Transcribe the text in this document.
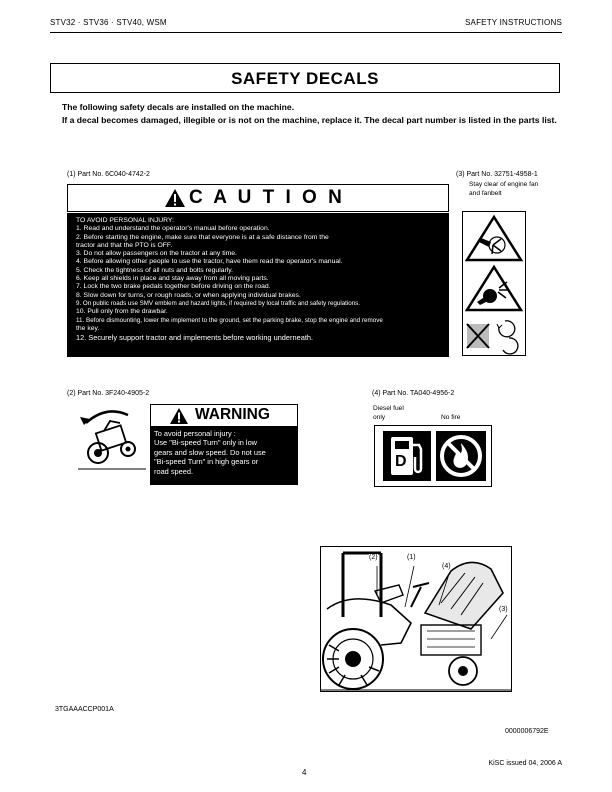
STV32 · STV36 · STV40, WSM	SAFETY INSTRUCTIONS
SAFETY DECALS
The following safety decals are installed on the machine.
If a decal becomes damaged, illegible or is not on the machine, replace it. The decal part number is listed in the parts list.
(1) Part No. 6C040-4742-2
C A U T I O N
TO AVOID PERSONAL INJURY:
1. Read and understand the operator's manual before operation.
2. Before starting the engine, make sure that everyone is at a safe distance from the
tractor and that the PTO is OFF.
3. Do not allow passengers on the tractor at any time.
4. Before allowing other people to use the tractor, have them read the operator's manual.
5. Check the tightness of all nuts and bolts regularly.
6. Keep all shields in place and stay away from all moving parts.
7. Lock the two brake pedals together before driving on the road.
8. Slow down for turns, or rough roads, or when applying individual brakes.
9. On public roads use SMV emblem and hazard lights, if required by local traffic and safety regulations.
10. Pull only from the drawbar.
11. Before dismounting, lower the implement to the ground, set the parking brake, stop the engine and remove
the key.
12. Securely support tractor and implements before working underneath.
(3) Part No. 32751-4958-1
Stay clear of engine fan
and fanbelt
(2) Part No. 3F240-4905-2
WARNING
To avoid personal injury :
Use "Bi-speed Turn" only in low
gears and slow speed. Do not use
"Bi-speed Turn" in high gears or
road speed.
(4) Part No. TA040-4956-2
Diesel fuel
only	No fire
D
(2)	(1)
(4)
(3)
3TGAAACCP001A
0000006792E
4
KiSC issued 04, 2006 A
